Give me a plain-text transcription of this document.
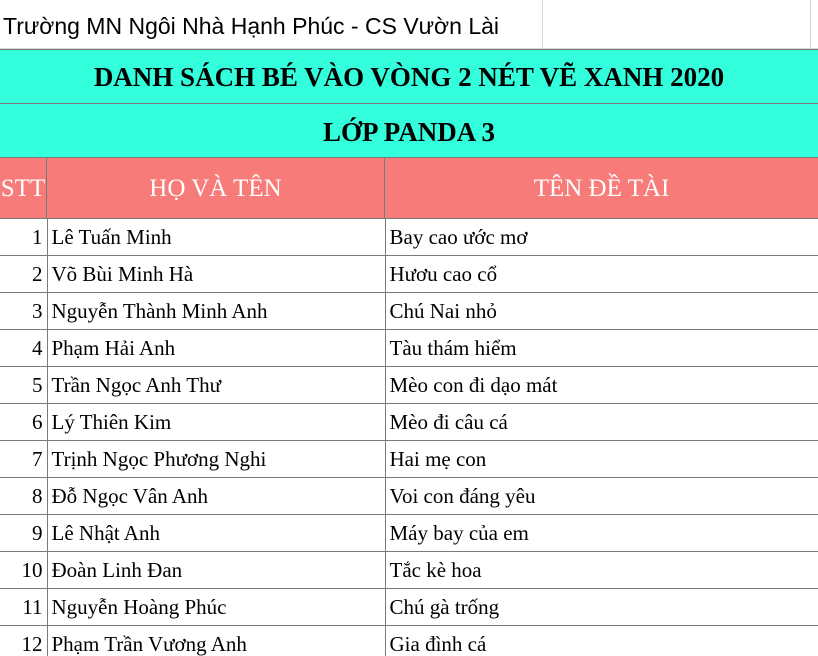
Trường MN Ngôi Nhà Hạnh Phúc - CS Vườn Lài
DANH SÁCH BÉ VÀO VÒNG 2 NÉT VẼ XANH 2020
LỚP PANDA 3
STT	HỌ VÀ TÊN	TÊN ĐỀ TÀI
1	Lê Tuấn Minh	Bay cao ước mơ
2	Võ Bùi Minh Hà	Hươu cao cổ
3	Nguyễn Thành Minh Anh	Chú Nai nhỏ
4	Phạm Hải Anh	Tàu thám hiểm
5	Trần Ngọc Anh Thư	Mèo con đi dạo mát
6	Lý Thiên Kim	Mèo đi câu cá
7	Trịnh Ngọc Phương Nghi	Hai mẹ con
8	Đỗ Ngọc Vân Anh	Voi con đáng yêu
9	Lê Nhật Anh	Máy bay của em
10	Đoàn Linh Đan	Tắc kè hoa
11	Nguyễn Hoàng Phúc	Chú gà trống
12	Phạm Trần Vương Anh	Gia đình cá
